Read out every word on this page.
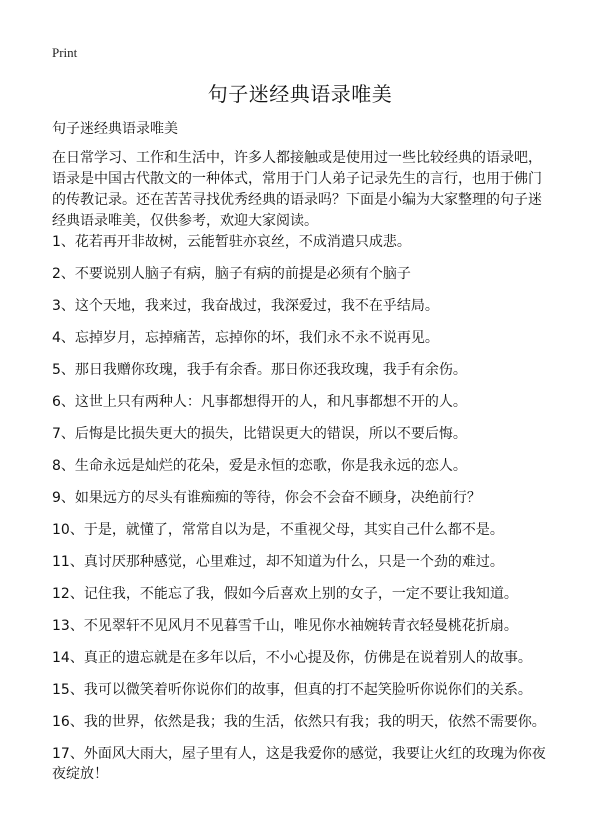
Print
句子迷经典语录唯美
句子迷经典语录唯美

在日常学习、工作和生活中，许多人都接触或是使用过一些比较经典的语录吧，语录是中国古代散文的一种体式，常用于门人弟子记录先生的言行，也用于佛门的传教记录。还在苦苦寻找优秀经典的语录吗？下面是小编为大家整理的句子迷经典语录唯美，仅供参考，欢迎大家阅读。

1、花若再开非故树，云能暂驻亦哀丝，不成消遣只成悲。
2、不要说别人脑子有病，脑子有病的前提是必须有个脑子
3、这个天地，我来过，我奋战过，我深爱过，我不在乎结局。
4、忘掉岁月，忘掉痛苦，忘掉你的坏，我们永不永不说再见。
5、那日我赠你玫瑰，我手有余香。那日你还我玫瑰，我手有余伤。
6、这世上只有两种人：凡事都想得开的人，和凡事都想不开的人。
7、后悔是比损失更大的损失，比错误更大的错误，所以不要后悔。
8、生命永远是灿烂的花朵，爱是永恒的恋歌，你是我永远的恋人。
9、如果远方的尽头有谁痴痴的等待，你会不会奋不顾身，决绝前行？
10、于是，就懂了，常常自以为是，不重视父母，其实自己什么都不是。
11、真讨厌那种感觉，心里难过，却不知道为什么，只是一个劲的难过。
12、记住我，不能忘了我，假如今后喜欢上别的女子，一定不要让我知道。
13、不见翠轩不见风月不见暮雪千山，唯见你水袖婉转青衣轻曼桃花折扇。
14、真正的遗忘就是在多年以后，不小心提及你，仿佛是在说着别人的故事。
15、我可以微笑着听你说你们的故事，但真的打不起笑脸听你说你们的关系。
16、我的世界，依然是我；我的生活，依然只有我；我的明天，依然不需要你。
17、外面风大雨大，屋子里有人，这是我爱你的感觉，我要让火红的玫瑰为你夜夜绽放！
